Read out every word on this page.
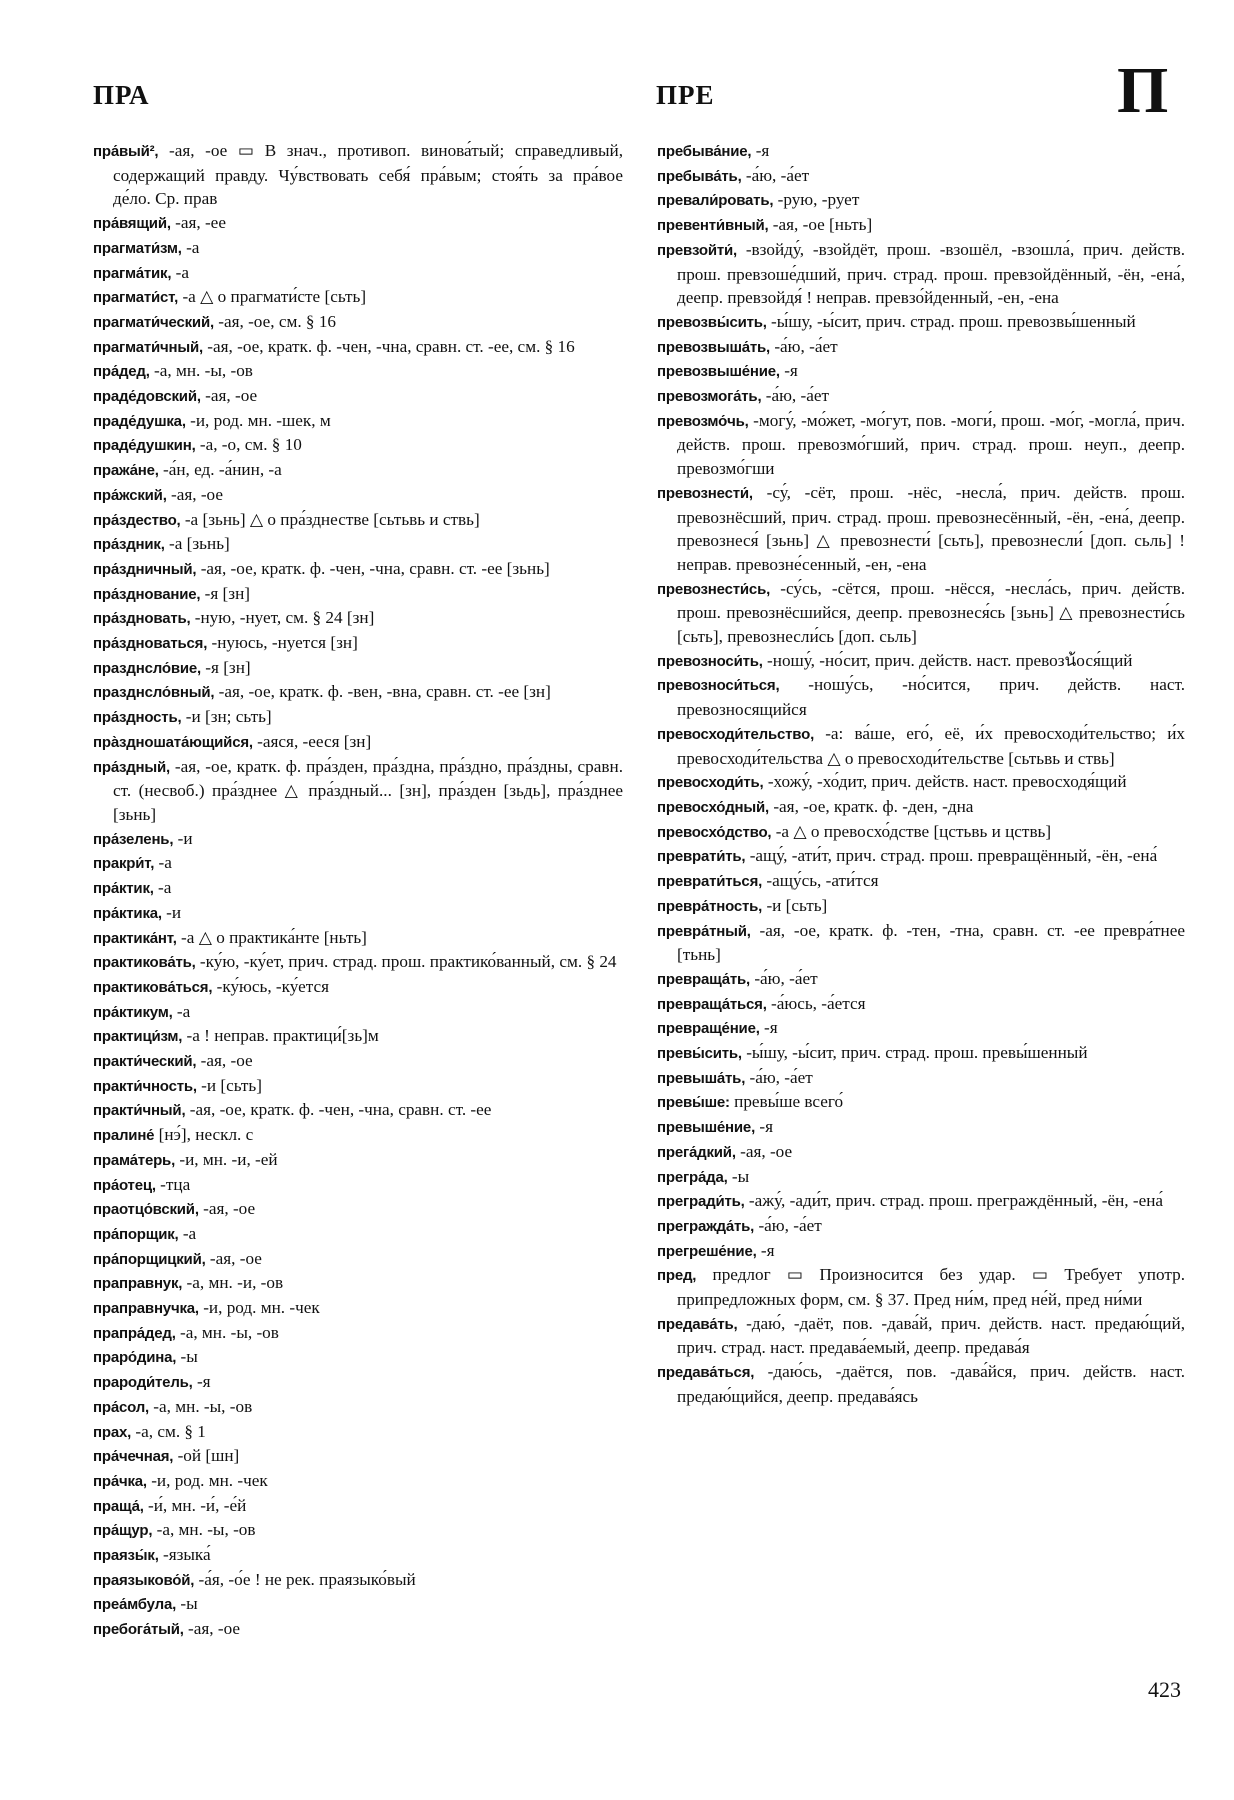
ПРА	ПРЕ	П
пра́вый², -ая, -ое ▭ В знач., противоп. винова́тый; справедливый, содержащий правду. Чу́вствовать себя́ пра́вым; стоя́ть за пра́вое де́ло. Ср. прав
пра́вящий, -ая, -ее
прагмати́зм, -а
прагма́тик, -а
прагмати́ст, -а △ о прагмати́сте [сьть]
прагмати́ческий, -ая, -ое, см. § 16
прагмати́чный, -ая, -ое, кратк. ф. -чен, -чна, сравн. ст. -ее, см. § 16
пра́дед, -а, мн. -ы, -ов
праде́довский, -ая, -ое
праде́душка, -и, род. мн. -шек, м
праде́душкин, -а, -о, см. § 10
пража́не, -а́н, ед. -а́нин, -а
пра́жский, -ая, -ое
пра́здество, -а [зьнь] △ о пра́зднестве [сьтьвь и ствь]
пра́здник, -а [зьнь]
пра́здничный, -ая, -ое, кратк. ф. -чен, -чна, сравн. ст. -ее [зьнь]
пра́зднование, -я [зн]
пра́здновать, -ную, -нует, см. § 24 [зн]
пра́здноваться, -нуюсь, -нуется [зн]
празднсло́вие, -я [зн]
празднсло́вный, -ая, -ое, кратк. ф. -вен, -вна, сравн. ст. -ее [зн]
пра́здность, -и [зн; сьть]
пра̀здношата́ющийся, -аяся, -ееся [зн]
пра́здный, -ая, -ое, кратк. ф. пра́зден, пра́здна, пра́здно, пра́здны, сравн. ст. (несвоб.) пра́зднее △ пра́здный... [зн], пра́зден [зьдь], пра́зднее [зьнь]
пра́зелень, -и
пракри́т, -а
пра́ктик, -а
пра́ктика, -и
практика́нт, -а △ о практика́нте [ньть]
практикова́ть, -ку́ю, -ку́ет, прич. страд. прош. практико́ванный, см. § 24
практикова́ться, -ку́юсь, -ку́ется
пра́ктикум, -а
практици́зм, -а ! неправ. практици́[зь]м
практи́ческий, -ая, -ое
практи́чность, -и [сьть]
практи́чный, -ая, -ое, кратк. ф. -чен, -чна, сравн. ст. -ее
пралине́ [нэ́], нескл. с
прама́терь, -и, мн. -и, -ей
пра́отец, -тца
праотцо́вский, -ая, -ое
пра́порщик, -а
пра́порщицкий, -ая, -ое
праправнук, -а, мн. -и, -ов
праправнучка, -и, род. мн. -чек
прапра́дед, -а, мн. -ы, -ов
праро́дина, -ы
прароди́тель, -я
пра́сол, -а, мн. -ы, -ов
прах, -а, см. § 1
пра́чечная, -ой [шн]
пра́чка, -и, род. мн. -чек
праща́, -и́, мн. -и́, -е́й
пра́щур, -а, мн. -ы, -ов
праязы́к, -языка́
праязыково́й, -а́я, -о́е ! не рек. праязыко́вый
преа́мбула, -ы
пребога́тый, -ая, -ое
пребыва́ние, -я
пребыва́ть, -а́ю, -а́ет
превали́ровать, -рую, -рует
превенти́вный, -ая, -ое [ньть]
превзойти́, -взойду́, -взойдёт, прош. -взошёл, -взошла́, прич. действ. прош. превзоше́дший, прич. страд. прош. превзойдённый, -ён, -ена́, деепр. превзойдя́ ! неправ. превзо́йденный, -ен, -ена
превозвы́сить, -ы́шу, -ы́сит, прич. страд. прош. превозвы́шенный
превозвыша́ть, -а́ю, -а́ет
превозвыше́ние, -я
превозмога́ть, -а́ю, -а́ет
превозмо́чь, -могу́, -мо́жет, -мо́гут, пов. -моги́, прош. -мо́г, -могла́, прич. действ. прош. превозмо́гший, прич. страд. прош. неуп., деепр. превозмо́гши
превознести́, -су́, -сёт, прош. -нёс, -несла́, прич. действ. прош. превознёсший, прич. страд. прош. превознесённый, -ён, -ена́, деепр. превознеся́ [зьнь] △ превознести́ [сьть], превознесли́ [доп. сьль] ! неправ. превозне́сенный, -ен, -ена
превознести́сь, -су́сь, -сётся, прош. -нёсся, -несла́сь, прич. действ. прош. превознёсшийся, деепр. превознеся́сь [зьнь] △ превознести́сь [сьть], превознесли́сь [доп. сьль]
превозноси́ть, -ношу́, -но́сит, прич. действ. наст. превозน้ося́щий
превозноси́ться, -ношу́сь, -но́сится, прич. действ. наст. превозносящийся
превосходи́тельство, -а: ва́ше, его́, её, и́х превосходи́тельство; и́х превосходи́тельства △ о превосходи́тельстве [сьтьвь и ствь]
превосходи́ть, -хожу́, -хо́дит, прич. действ. наст. превосходя́щий
превосхо́дный, -ая, -ое, кратк. ф. -ден, -дна
превосхо́дство, -а △ о превосхо́дстве [цстьвь и цствь]
преврати́ть, -ащу́, -ати́т, прич. страд. прош. превращённый, -ён, -ена́
преврати́ться, -ащу́сь, -ати́тся
превра́тность, -и [сьть]
превра́тный, -ая, -ое, кратк. ф. -тен, -тна, сравн. ст. -ее превра́тнее [тьнь]
превраща́ть, -а́ю, -а́ет
превраща́ться, -а́юсь, -а́ется
превраще́ние, -я
превы́сить, -ы́шу, -ы́сит, прич. страд. прош. превы́шенный
превыша́ть, -а́ю, -а́ет
превы́ше: превы́ше всего́
превыше́ние, -я
прега́дкий, -ая, -ое
прегра́да, -ы
прегради́ть, -ажу́, -ади́т, прич. страд. прош. преграждённый, -ён, -ена́
прегражда́ть, -а́ю, -а́ет
прегреше́ние, -я
пред, предлог ▭ Произносится без удар. ▭ Требует употр. припредложных форм, см. § 37. Пред ни́м, пред не́й, пред ни́ми
предава́ть, -даю́, -даёт, пов. -дава́й, прич. действ. наст. предаю́щий, прич. страд. наст. предава́емый, деепр. предава́я
предава́ться, -даю́сь, -даётся, пов. -дава́йся, прич. действ. наст. предаю́щийся, деепр. предава́ясь
423
